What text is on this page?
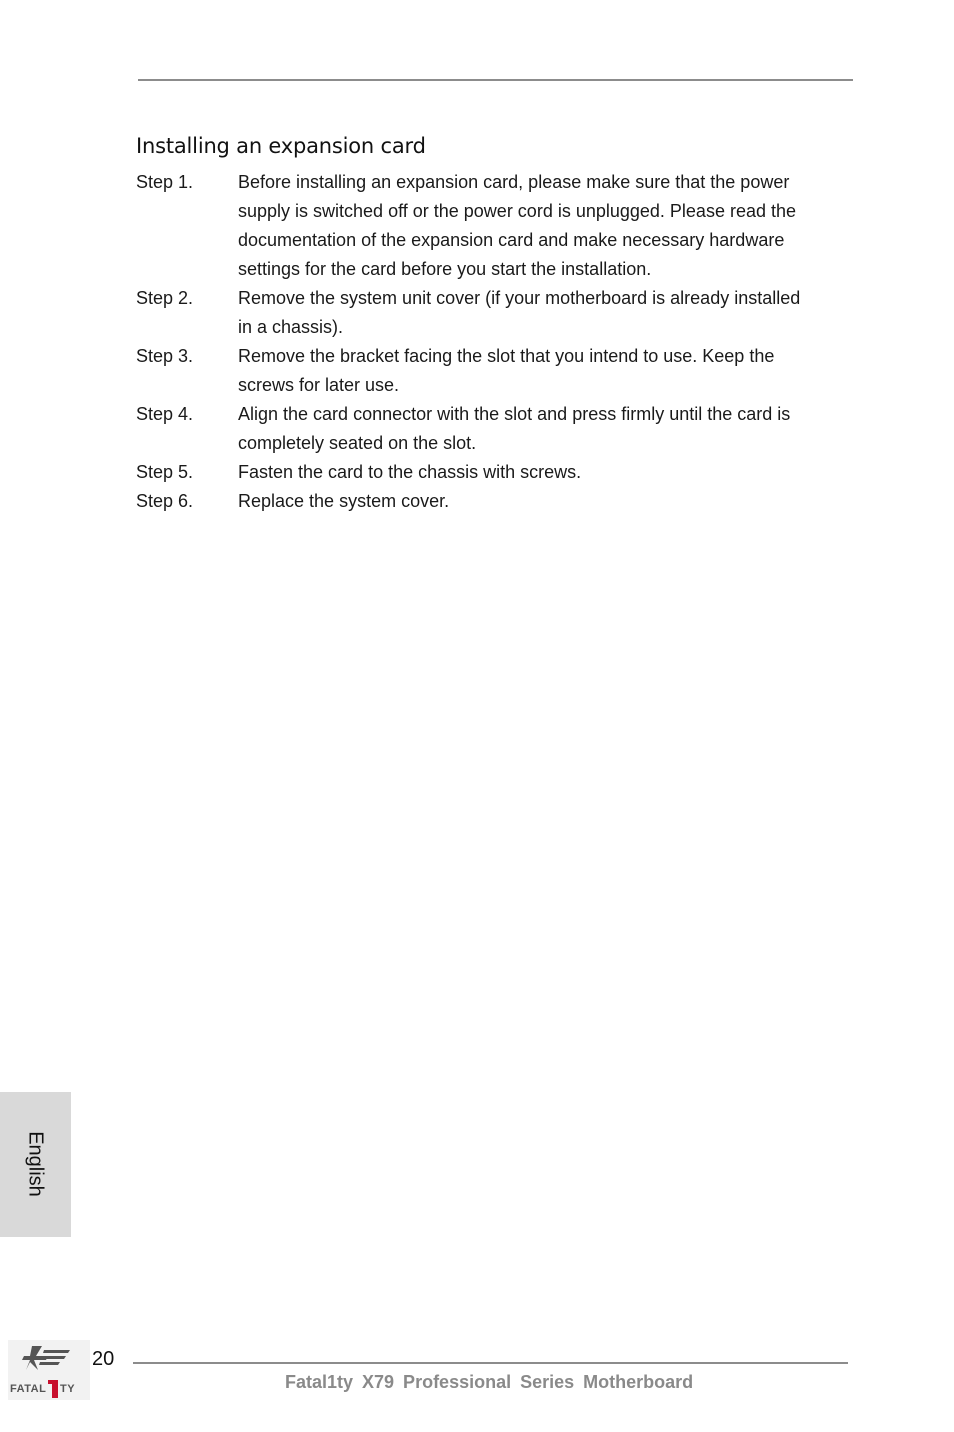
Installing an expansion card
Step 1.	Before installing an expansion card, please make sure that the power
supply is switched off or the power cord is unplugged. Please read the
documentation of the expansion card and make necessary hardware
settings for the card before you start the installation.
Step 2.	Remove the system unit cover (if your motherboard is already installed
in a chassis).
Step 3.	Remove the bracket facing the slot that you intend to use. Keep the
screws for later use.
Step 4.	Align the card connector with the slot and press firmly until the card is
completely seated on the slot.
Step 5.	Fasten the card to the chassis with screws.
Step 6.	Replace the system cover.
English
FATAL TY
20
Fatal1ty X79 Professional Series Motherboard
